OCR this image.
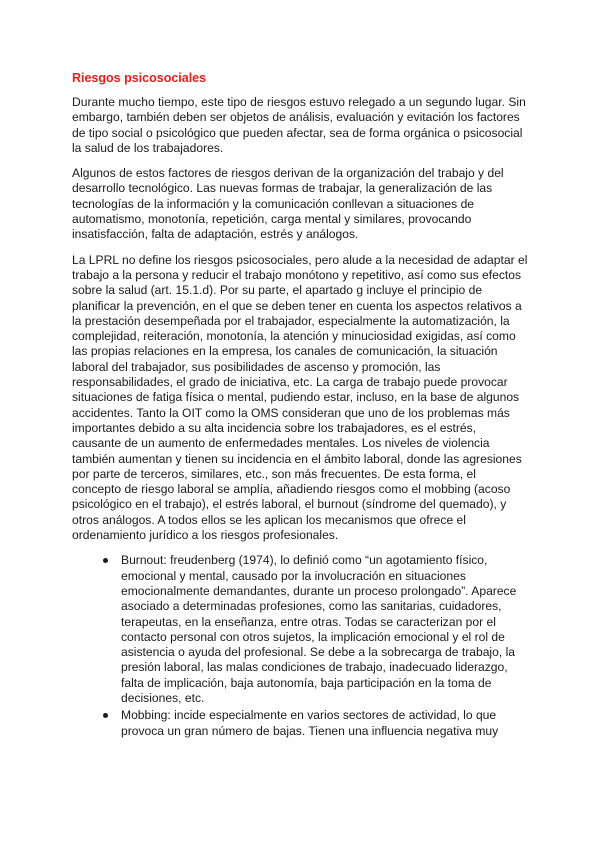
Riesgos psicosociales

Durante mucho tiempo, este tipo de riesgos estuvo relegado a un segundo lugar. Sin embargo, también deben ser objetos de análisis, evaluación y evitación los factores de tipo social o psicológico que pueden afectar, sea de forma orgánica o psicosocial la salud de los trabajadores.

Algunos de estos factores de riesgos derivan de la organización del trabajo y del desarrollo tecnológico. Las nuevas formas de trabajar, la generalización de las tecnologías de la información y la comunicación conllevan a situaciones de automatismo, monotonía, repetición, carga mental y similares, provocando insatisfacción, falta de adaptación, estrés y análogos.

La LPRL no define los riesgos psicosociales, pero alude a la necesidad de adaptar el trabajo a la persona y reducir el trabajo monótono y repetitivo, así como sus efectos sobre la salud (art. 15.1.d). Por su parte, el apartado g incluye el principio de planificar la prevención, en el que se deben tener en cuenta los aspectos relativos a la prestación desempeñada por el trabajador, especialmente la automatización, la complejidad, reiteración, monotonía, la atención y minuciosidad exigidas, así como las propias relaciones en la empresa, los canales de comunicación, la situación laboral del trabajador, sus posibilidades de ascenso y promoción, las responsabilidades, el grado de iniciativa, etc. La carga de trabajo puede provocar situaciones de fatiga física o mental, pudiendo estar, incluso, en la base de algunos accidentes. Tanto la OIT como la OMS consideran que uno de los problemas más importantes debido a su alta incidencia sobre los trabajadores, es el estrés, causante de un aumento de enfermedades mentales. Los niveles de violencia también aumentan y tienen su incidencia en el ámbito laboral, donde las agresiones por parte de terceros, similares, etc., son más frecuentes. De esta forma, el concepto de riesgo laboral se amplía, añadiendo riesgos como el mobbing (acoso psicológico en el trabajo), el estrés laboral, el burnout (síndrome del quemado), y otros análogos. A todos ellos se les aplican los mecanismos que ofrece el ordenamiento jurídico a los riesgos profesionales.

Burnout: freudenberg (1974), lo definió como “un agotamiento físico, emocional y mental, causado por la involucración en situaciones emocionalmente demandantes, durante un proceso prolongado”. Aparece asociado a determinadas profesiones, como las sanitarias, cuidadores, terapeutas, en la enseñanza, entre otras. Todas se caracterizan por el contacto personal con otros sujetos, la implicación emocional y el rol de asistencia o ayuda del profesional. Se debe a la sobrecarga de trabajo, la presión laboral, las malas condiciones de trabajo, inadecuado liderazgo, falta de implicación, baja autonomía, baja participación en la toma de decisiones, etc.
Mobbing: incide especialmente en varios sectores de actividad, lo que provoca un gran número de bajas. Tienen una influencia negativa muy
